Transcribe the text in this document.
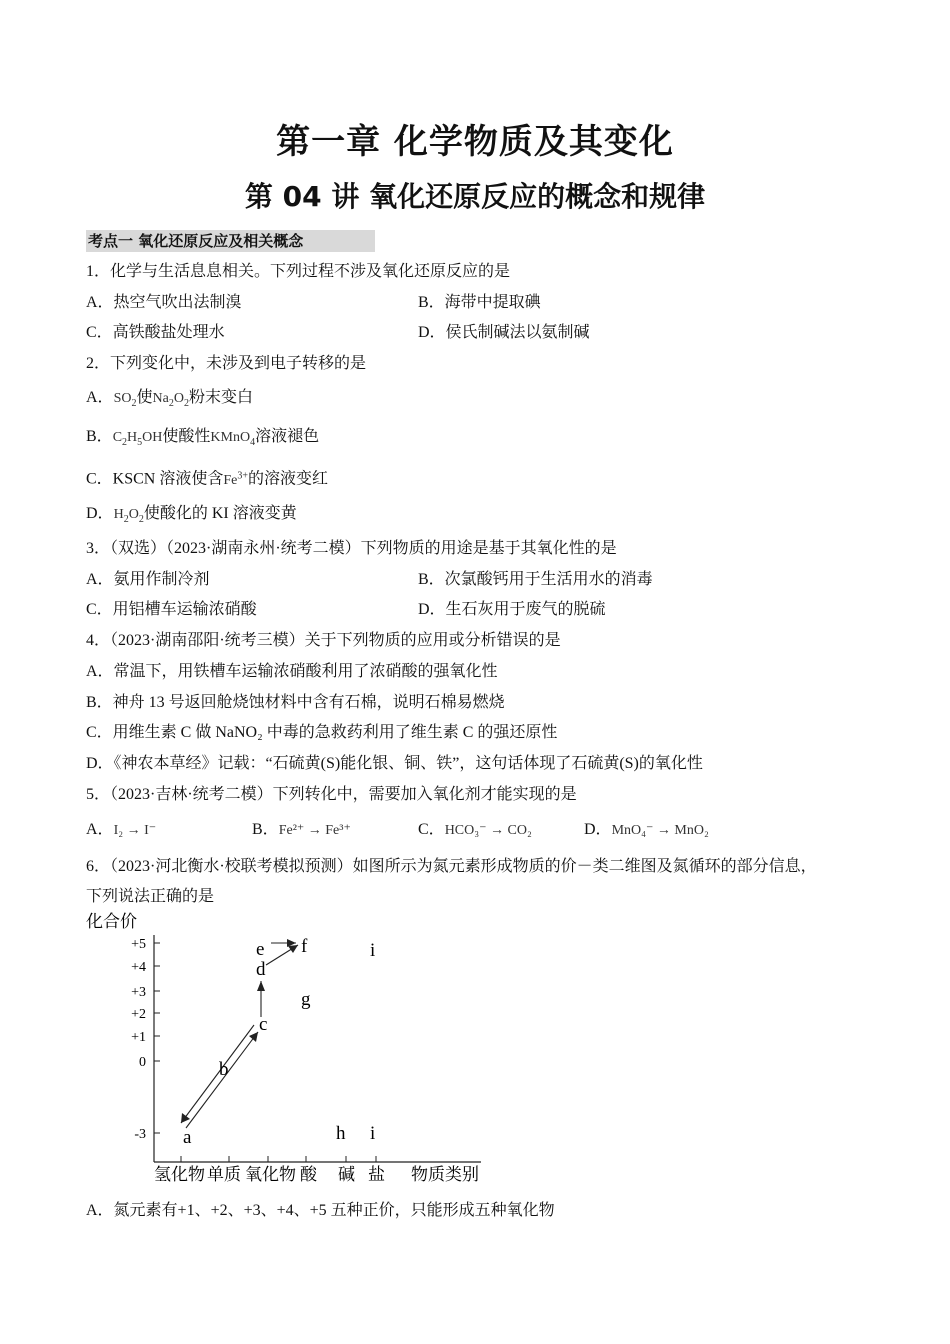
第一章 化学物质及其变化
第 04 讲 氧化还原反应的概念和规律
考点一 氧化还原反应及相关概念
1．化学与生活息息相关。下列过程不涉及氧化还原反应的是
A．热空气吹出法制溴	B．海带中提取碘
C．高铁酸盐处理水	D．侯氏制碱法以氨制碱
2．下列变化中，未涉及到电子转移的是
A．$SO_2$使$Na_2O_2$粉末变白
B．$C_2H_5OH$使酸性KMnO$_4$溶液褪色
C．KSCN 溶液使含$Fe^{3+}$的溶液变红
D．$H_2O_2$使酸化的 KI 溶液变黄
3．（双选）（2023·湖南永州·统考二模）下列物质的用途是基于其氧化性的是
A．氨用作制冷剂	B．次氯酸钙用于生活用水的消毒
C．用铝槽车运输浓硝酸	D．生石灰用于废气的脱硫
4．（2023·湖南邵阳·统考三模）关于下列物质的应用或分析错误的是
A．常温下，用铁槽车运输浓硝酸利用了浓硝酸的强氧化性
B．神舟 13 号返回舱烧蚀材料中含有石棉，说明石棉易燃烧
C．用维生素 C 做 NaNO₂ 中毒的急救药利用了维生素 C 的强还原性
D．《神农本草经》记载：“石硫黄(S)能化银、铜、铁”，这句话体现了石硫黄(S)的氧化性
5．（2023·吉林·统考二模）下列转化中，需要加入氧化剂才能实现的是
A．I₂ → I⁻	B．Fe²⁺ → Fe³⁺	C．HCO₃⁻ → CO₂	D．MnO₄⁻ → MnO₂
6．（2023·河北衡水·校联考模拟预测）如图所示为氮元素形成物质的价－类二维图及氮循环的部分信息，
下列说法正确的是
化合价
+5
+4
+3
+2
+1
0
-3
氢化物 单质 氧化物 酸 碱 盐 物质类别
a
b
c
d
e f
g
h
i
i
A．氮元素有+1、+2、+3、+4、+5 五种正价，只能形成五种氧化物
